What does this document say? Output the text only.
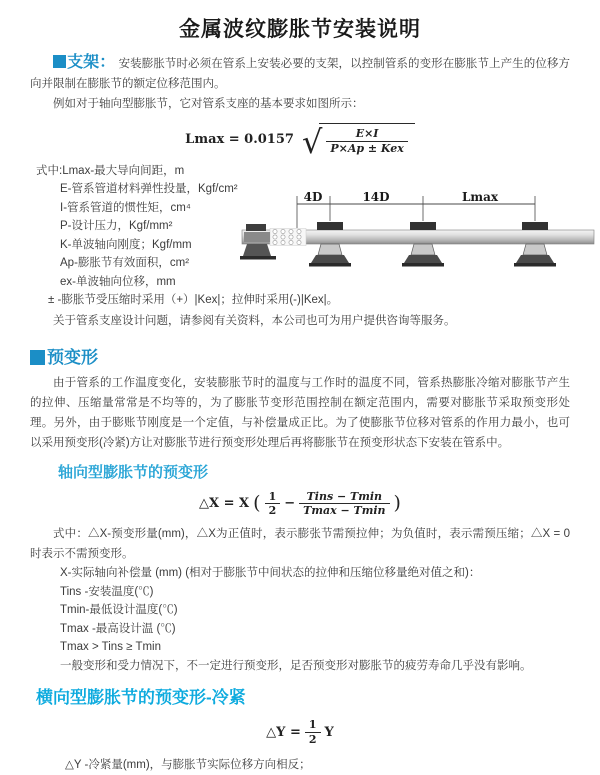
金属波纹膨胀节安装说明

支架： 安装膨胀节时必须在管系上安装必要的支架，以控制管系的变形在膨胀节上产生的位移方向并限制在膨胀节的额定位移范围内。

例如对于轴向型膨胀节，它对管系支座的基本要求如图所示：

Lmax = 0.0157 √ $\frac{E\times I}{\text{P×Ap ± Kex}}$
式中:Lmax-最大导向间距，m
E-管系管道材料弹性投量，Kgf/cm²
I-管系管道的惯性矩，cm⁴
P-设计压力，Kgf/mm²
K-单波轴向刚度；Kgf/mm
Ap-膨胀节有效面积，cm²
ex-单波轴向位移，mm
± -膨胀节受压缩时采用（+）|Kex|；拉伸时采用(-)|Kex|。
4D	14D	Lmax

关于管系支座设计问题，请参阅有关资料，本公司也可为用户提供咨询等服务。

预变形

由于管系的工作温度变化，安装膨胀节时的温度与工作时的温度不同，管系热膨胀冷缩对膨胀节产生的拉伸、压缩量常常是不均等的，为了膨胀节变形范围控制在额定范围内，需要对膨胀节采取预变形处理。另外，由于膨账节刚度是一个定值，与补偿量成正比。为了使膨胀节位移对管系的作用力最小，也可以采用预变形(冷紧)方让对膨胀节进行预变形处理后再将膨胀节在预变形状态下安装在管系中。

轴向型膨胀节的预变形
△X = X ( $\frac{1}{2} - \frac{\text{Tins − Tmin}}{Tmax - Tmin}$ )

式中：△X-预变形量(mm)，△X为正值时，表示膨张节需预拉伸；为负值时，表示需预压缩；△X = 0时表示不需预变形。

X-实际轴向补偿量 (mm) (相对于膨胀节中间状态的拉伸和压缩位移量绝对值之和)：
Tins -安装温度(℃)
Tmin-最低设计温度(℃)
Tmax -最高设计温 (℃)
Tmax > Tins ≥ Tmin
一般变形和受力情况下，不一定进行预变形，足否预变形对膨胀节的疲劳寿命几乎没有影响。
横向型膨胀节的预变形-冷紧
△Y = $\frac{1}{2}$ Y
△Y -冷紧量(mm)，与膨胀节实际位移方向相反；
